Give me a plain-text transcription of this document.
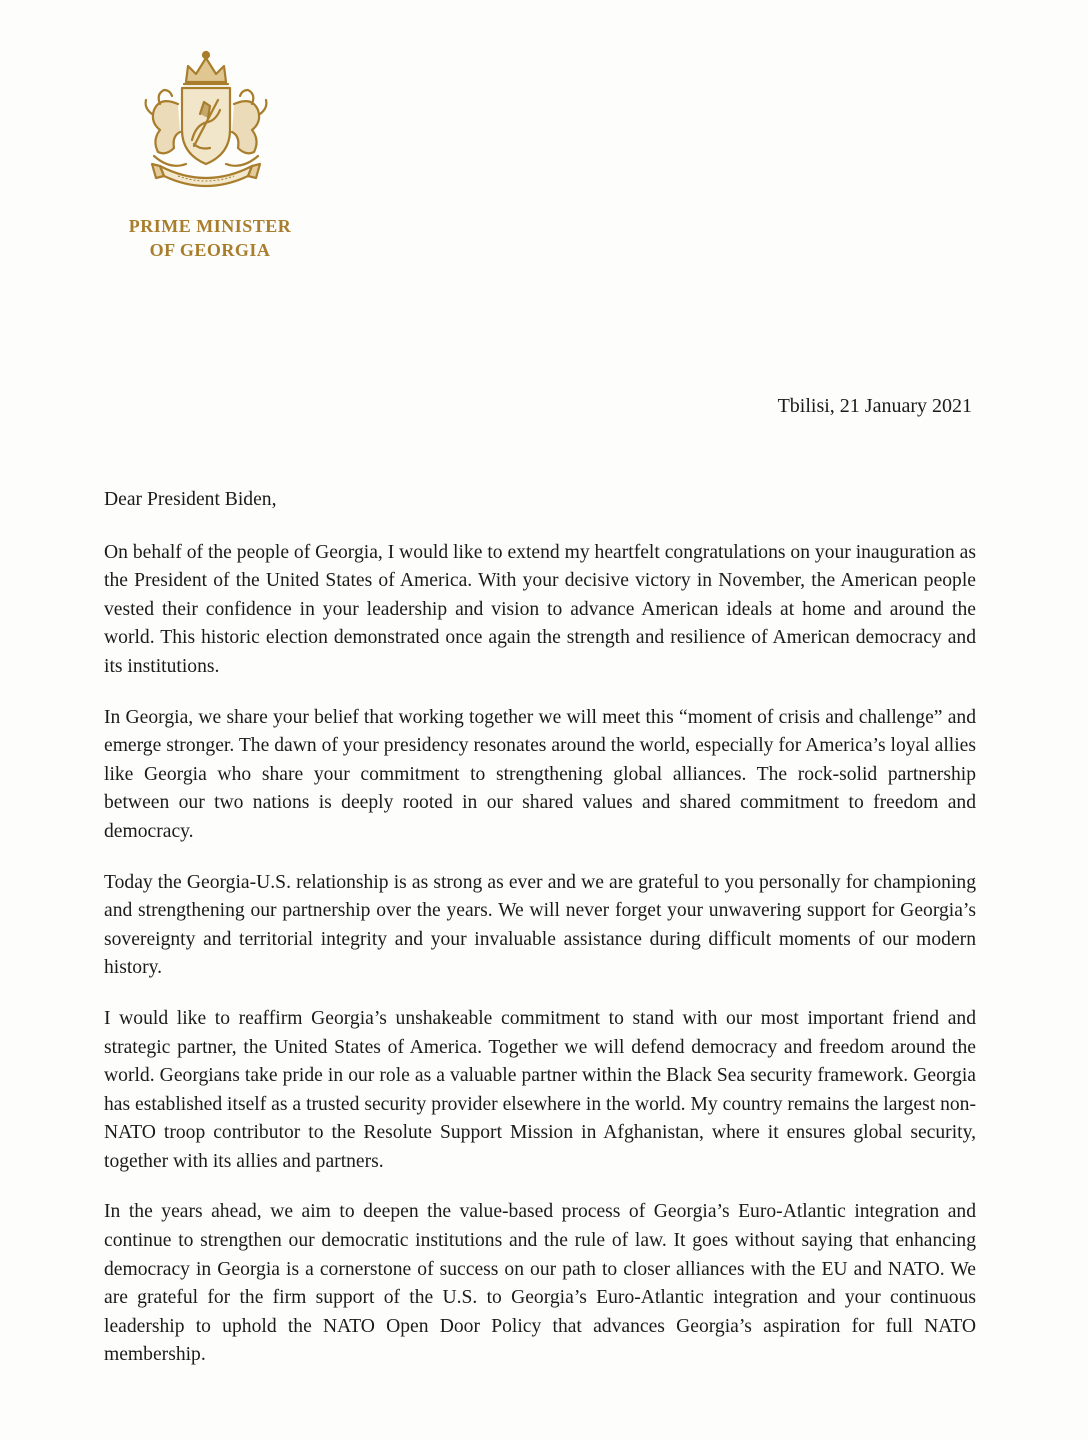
PRIME MINISTER
OF GEORGIA
Tbilisi, 21 January 2021
Dear President Biden,

On behalf of the people of Georgia, I would like to extend my heartfelt congratulations on your inauguration as the President of the United States of America. With your decisive victory in November, the American people vested their confidence in your leadership and vision to advance American ideals at home and around the world. This historic election demonstrated once again the strength and resilience of American democracy and its institutions.

In Georgia, we share your belief that working together we will meet this “moment of crisis and challenge” and emerge stronger. The dawn of your presidency resonates around the world, especially for America’s loyal allies like Georgia who share your commitment to strengthening global alliances. The rock-solid partnership between our two nations is deeply rooted in our shared values and shared commitment to freedom and democracy.

Today the Georgia-U.S. relationship is as strong as ever and we are grateful to you personally for championing and strengthening our partnership over the years. We will never forget your unwavering support for Georgia’s sovereignty and territorial integrity and your invaluable assistance during difficult moments of our modern history.

I would like to reaffirm Georgia’s unshakeable commitment to stand with our most important friend and strategic partner, the United States of America. Together we will defend democracy and freedom around the world. Georgians take pride in our role as a valuable partner within the Black Sea security framework. Georgia has established itself as a trusted security provider elsewhere in the world. My country remains the largest non-NATO troop contributor to the Resolute Support Mission in Afghanistan, where it ensures global security, together with its allies and partners.

In the years ahead, we aim to deepen the value-based process of Georgia’s Euro-Atlantic integration and continue to strengthen our democratic institutions and the rule of law. It goes without saying that enhancing democracy in Georgia is a cornerstone of success on our path to closer alliances with the EU and NATO. We are grateful for the firm support of the U.S. to Georgia’s Euro-Atlantic integration and your continuous leadership to uphold the NATO Open Door Policy that advances Georgia’s aspiration for full NATO membership.
